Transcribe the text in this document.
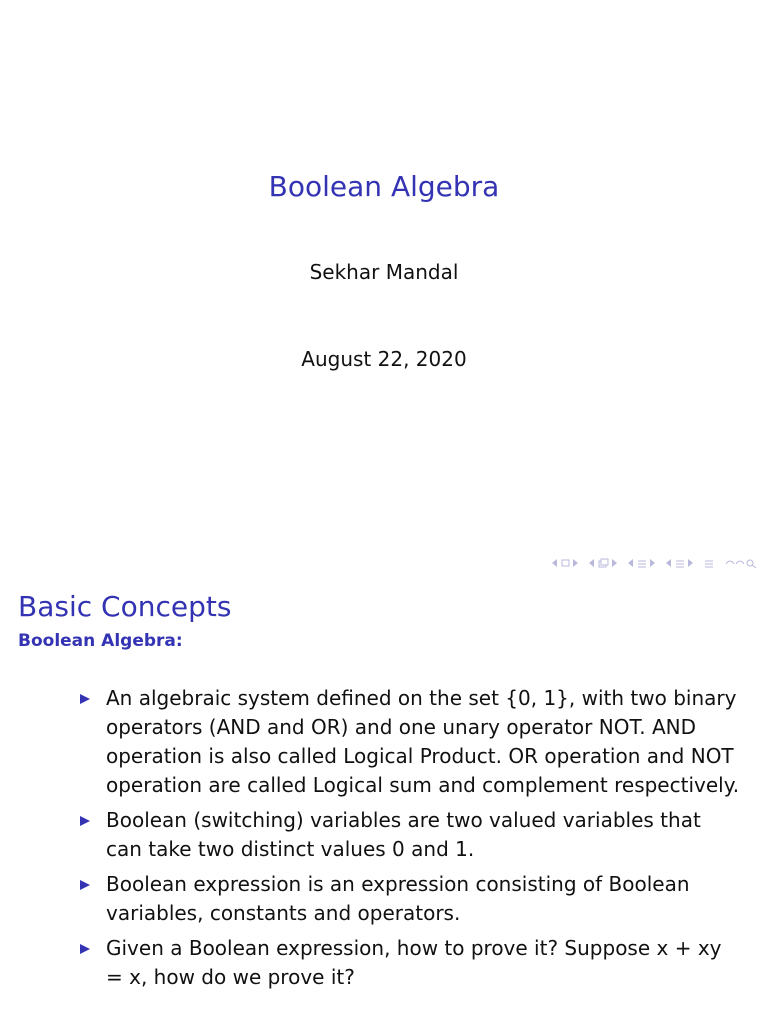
Boolean Algebra
Sekhar Mandal
August 22, 2020
Basic Concepts
Boolean Algebra:
An algebraic system defined on the set {0, 1}, with two binary operators (AND and OR) and one unary operator NOT. AND operation is also called Logical Product. OR operation and NOT operation are called Logical sum and complement respectively.
Boolean (switching) variables are two valued variables that can take two distinct values 0 and 1.
Boolean expression is an expression consisting of Boolean variables, constants and operators.
Given a Boolean expression, how to prove it? Suppose x + xy = x, how do we prove it?
